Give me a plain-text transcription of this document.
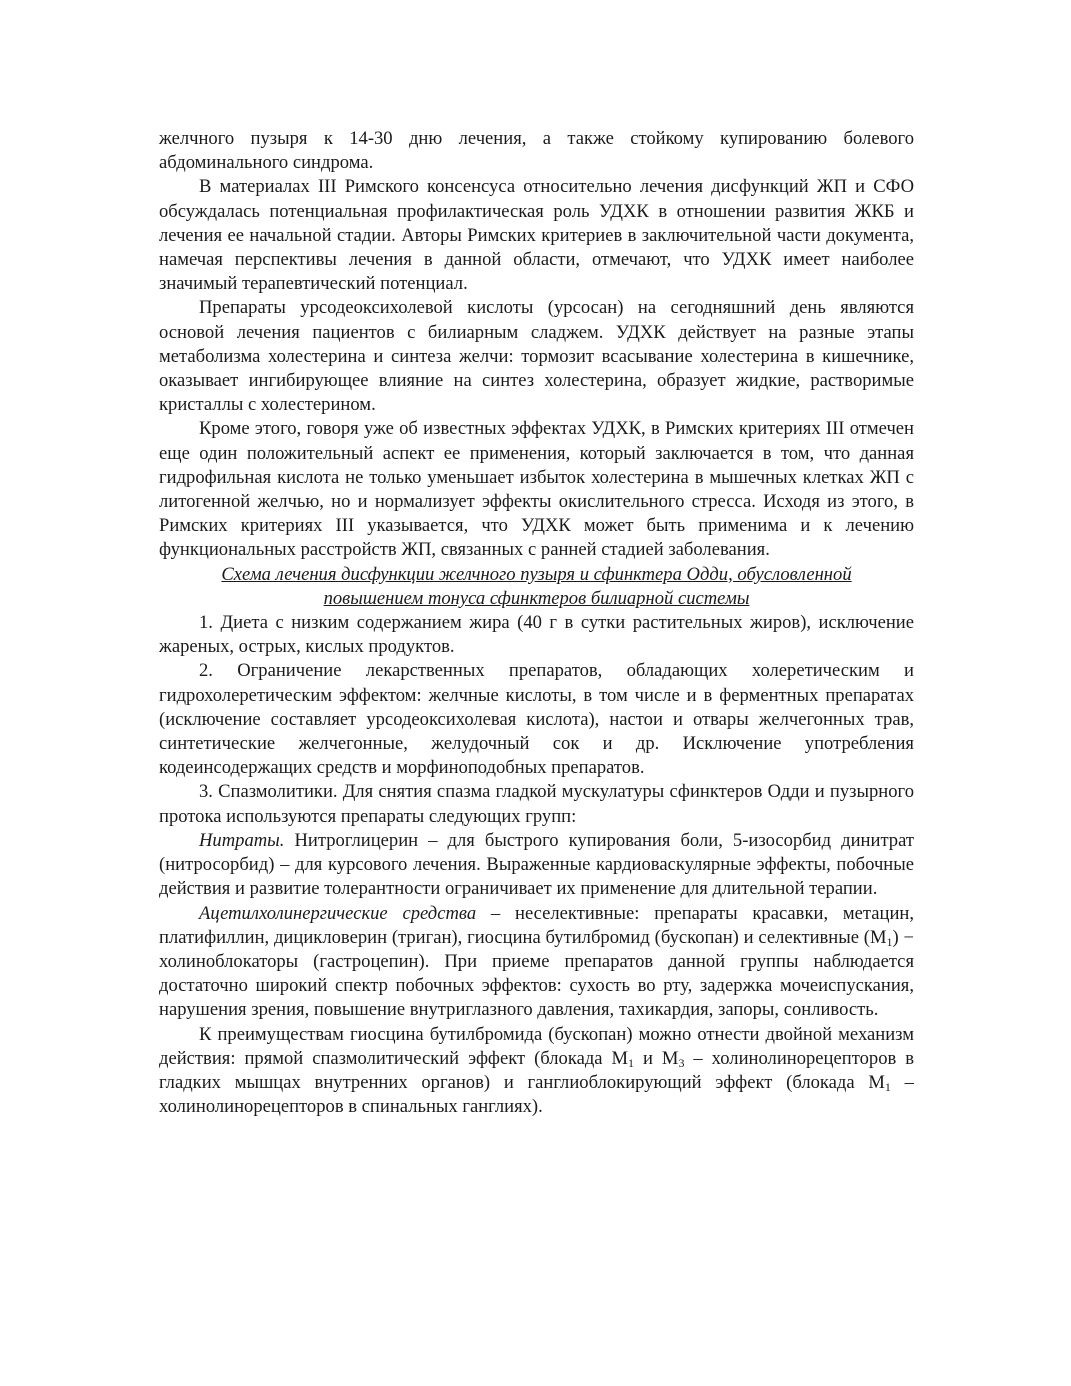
желчного пузыря к 14-30 дню лечения, а также стойкому купированию болевого абдоминального синдрома.

В материалах III Римского консенсуса относительно лечения дисфункций ЖП и СФО обсуждалась потенциальная профилактическая роль УДХК в отношении развития ЖКБ и лечения ее начальной стадии. Авторы Римских критериев в заключительной части документа, намечая перспективы лечения в данной области, отмечают, что УДХК имеет наиболее значимый терапевтический потенциал.

Препараты урсодеоксихолевой кислоты (урсосан) на сегодняшний день являются основой лечения пациентов с билиарным сладжем. УДХК действует на разные этапы метаболизма холестерина и синтеза желчи: тормозит всасывание холестерина в кишечнике, оказывает ингибирующее влияние на синтез холестерина, образует жидкие, растворимые кристаллы с холестерином.

Кроме этого, говоря уже об известных эффектах УДХК, в Римских критериях III отмечен еще один положительный аспект ее применения, который заключается в том, что данная гидрофильная кислота не только уменьшает избыток холестерина в мышечных клетках ЖП с литогенной желчью, но и нормализует эффекты окислительного стресса. Исходя из этого, в Римских критериях III указывается, что УДХК может быть применима и к лечению функциональных расстройств ЖП, связанных с ранней стадией заболевания.

Схема лечения дисфункции желчного пузыря и сфинктера Одди, обусловленной
повышением тонуса сфинктеров билиарной системы

1. Диета с низким содержанием жира (40 г в сутки растительных жиров), исключение жареных, острых, кислых продуктов.

2. Ограничение лекарственных препаратов, обладающих холеретическим и гидрохолеретическим эффектом: желчные кислоты, в том числе и в ферментных препаратах (исключение составляет урсодеоксихолевая кислота), настои и отвары желчегонных трав, синтетические желчегонные, желудочный сок и др. Исключение употребления кодеинсодержащих средств и морфиноподобных препаратов.

3. Спазмолитики. Для снятия спазма гладкой мускулатуры сфинктеров Одди и пузырного протока используются препараты следующих групп:

Нитраты. Нитроглицерин – для быстрого купирования боли, 5-изосорбид динитрат (нитросорбид) – для курсового лечения. Выраженные кардиоваскулярные эффекты, побочные действия и развитие толерантности ограничивает их применение для длительной терапии.

Ацетилхолинергические средства – неселективные: препараты красавки, метацин, платифиллин, дицикловерин (триган), гиосцина бутилбромид (бускопан) и селективные $(M_1)$ − холиноблокаторы (гастроцепин). При приеме препаратов данной группы наблюдается достаточно широкий спектр побочных эффектов: сухость во рту, задержка мочеиспускания, нарушения зрения, повышение внутриглазного давления, тахикардия, запоры, сонливость.

К преимуществам гиосцина бутилбромида (бускопан) можно отнести двойной механизм действия: прямой спазмолитический эффект (блокада $M_1$ и $M_3$ – холинолинорецепторов в гладких мышцах внутренних органов) и ганглиоблокирующий эффект (блокада $M_1$ –холинолинорецепторов в спинальных ганглиях).
